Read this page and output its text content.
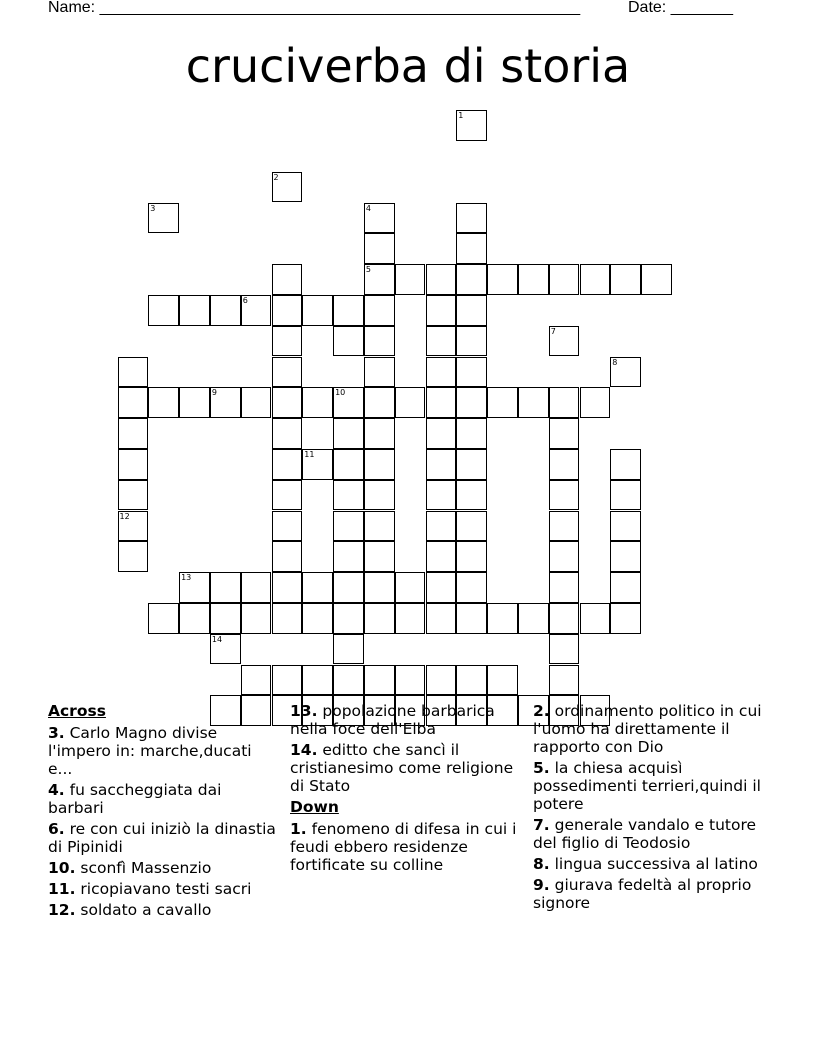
Name: ______________________________________________________	Date: _______
cruciverba di storia
6
5
10
12
9
1
2
3	4
7
8
11
13
14
Across
3. Carlo Magno divise l'impero in: marche,ducati e...
4. fu saccheggiata dai barbari
6. re con cui iniziò la dinastia di Pipinidi
10. sconfì Massenzio
11. ricopiavano testi sacri
12. soldato a cavallo
13. popolazione barbarica nella foce dell'Elba
14. editto che sancì il cristianesimo come religione di Stato
Down
1. fenomeno di difesa in cui i feudi ebbero residenze fortificate su colline
2. ordinamento politico in cui l'uomo ha direttamente il rapporto con Dio
5. la chiesa acquisì possedimenti terrieri,quindi il potere
7. generale vandalo e tutore del figlio di Teodosio
8. lingua successiva al latino
9. giurava fedeltà al proprio signore
